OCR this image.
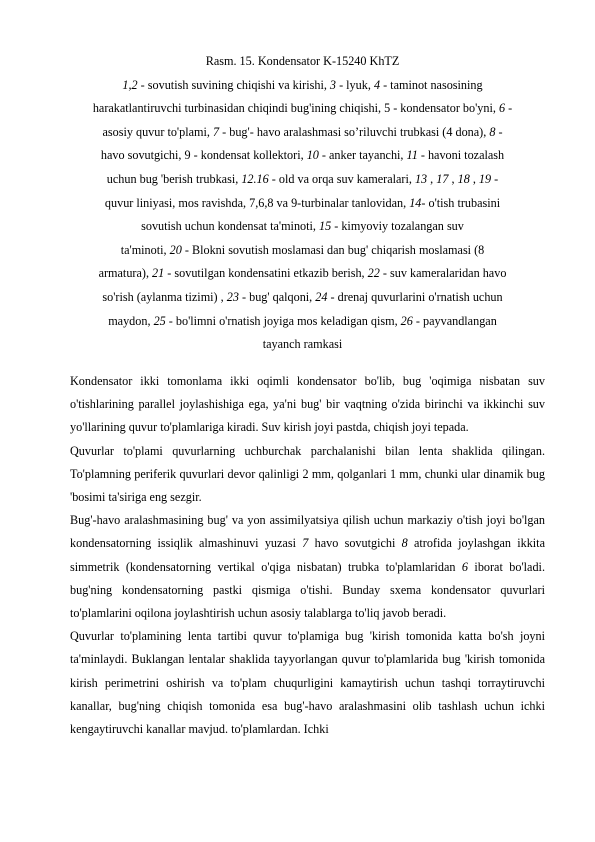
Rasm. 15. Kondensator K-15240 KhTZ
1,2 - sovutish suvining chiqishi va kirishi, 3 - lyuk, 4 - taminot nasosining
harakatlantiruvchi turbinasidan chiqindi bug'ining chiqishi, 5 - kondensator bo'yni, 6 -
asosiy quvur to'plami, 7 - bug'- havo aralashmasi so’riluvchi trubkasi (4 dona), 8 -
havo sovutgichi, 9 - kondensat kollektori, 10 - anker tayanchi, 11 - havoni tozalash
uchun bug 'berish trubkasi, 12.16 - old va orqa suv kameralari, 13 , 17 , 18 , 19 -
quvur liniyasi, mos ravishda, 7,6,8 va 9-turbinalar tanlovidan, 14- o'tish trubasini
sovutish uchun kondensat ta'minoti, 15 - kimyoviy tozalangan suv
ta'minoti, 20 - Blokni sovutish moslamasi dan bug' chiqarish moslamasi (8
armatura), 21 - sovutilgan kondensatini etkazib berish, 22 - suv kameralaridan havo
so'rish (aylanma tizimi) , 23 - bug' qalqoni, 24 - drenaj quvurlarini o'rnatish uchun
maydon, 25 - bo'limni o'rnatish joyiga mos keladigan qism, 26 - payvandlangan
tayanch ramkasi

Kondensator ikki tomonlama ikki oqimli kondensator bo'lib, bug 'oqimiga nisbatan suv o'tishlarining parallel joylashishiga ega, ya'ni bug' bir vaqtning o'zida birinchi va ikkinchi suv yo'llarining quvur to'plamlariga kiradi. Suv kirish joyi pastda, chiqish joyi tepada.

Quvurlar to'plami quvurlarning uchburchak parchalanishi bilan lenta shaklida qilingan. To'plamning periferik quvurlari devor qalinligi 2 mm, qolganlari 1 mm, chunki ular dinamik bug 'bosimi ta'siriga eng sezgir.

Bug'-havo aralashmasining bug' va yon assimilyatsiya qilish uchun markaziy o'tish joyi bo'lgan kondensatorning issiqlik almashinuvi yuzasi 7 havo sovutgichi 8 atrofida joylashgan ikkita simmetrik (kondensatorning vertikal o'qiga nisbatan) trubka to'plamlaridan 6 iborat bo'ladi. bug'ning kondensatorning pastki qismiga o'tishi. Bunday sxema kondensator quvurlari to'plamlarini oqilona joylashtirish uchun asosiy talablarga to'liq javob beradi.

Quvurlar to'plamining lenta tartibi quvur to'plamiga bug 'kirish tomonida katta bo'sh joyni ta'minlaydi. Buklangan lentalar shaklida tayyorlangan quvur to'plamlarida bug 'kirish tomonida kirish perimetrini oshirish va to'plam chuqurligini kamaytirish uchun tashqi torraytiruvchi kanallar, bug'ning chiqish tomonida esa bug'-havo aralashmasini olib tashlash uchun ichki kengaytiruvchi kanallar mavjud. to'plamlardan. Ichki
